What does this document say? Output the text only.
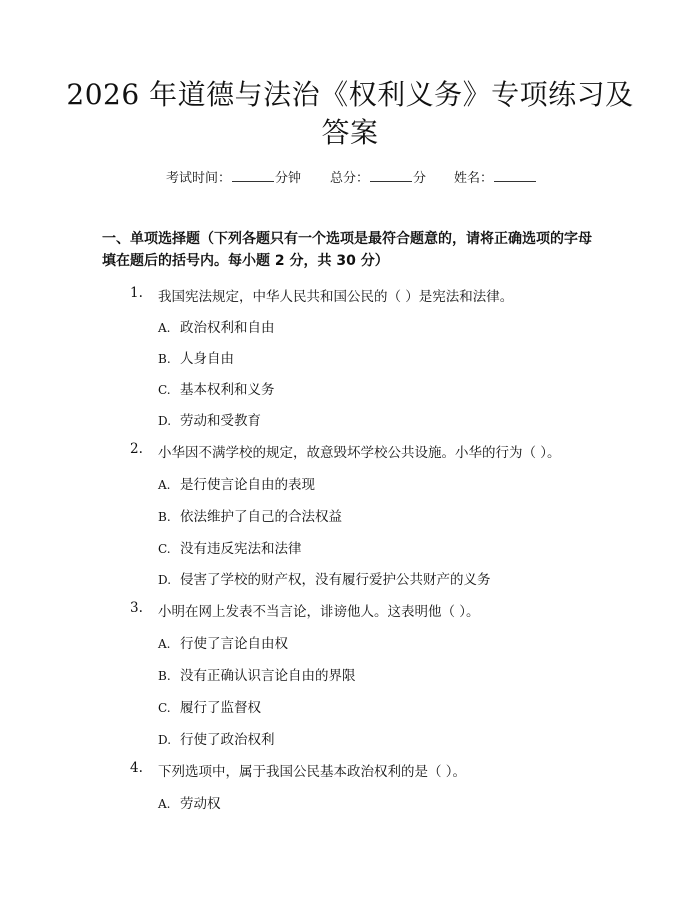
2026 年道德与法治《权利义务》专项练习及
答案
考试时间：	分钟 总分：	分 姓名：
一、单项选择题（下列各题只有一个选项是最符合题意的，请将正确选项的字母
填在题后的括号内。每小题 2 分，共 30 分）
1. 我国宪法规定，中华人民共和国公民的（ ）是宪法和法律。
A. 政治权利和自由
B. 人身自由
C. 基本权利和义务
D. 劳动和受教育
2. 小华因不满学校的规定，故意毁坏学校公共设施。小华的行为（ ）。
A. 是行使言论自由的表现
B. 依法维护了自己的合法权益
C. 没有违反宪法和法律
D. 侵害了学校的财产权，没有履行爱护公共财产的义务
3. 小明在网上发表不当言论，诽谤他人。这表明他（ ）。
A. 行使了言论自由权
B. 没有正确认识言论自由的界限
C. 履行了监督权
D. 行使了政治权利
4. 下列选项中，属于我国公民基本政治权利的是（ ）。
A. 劳动权
